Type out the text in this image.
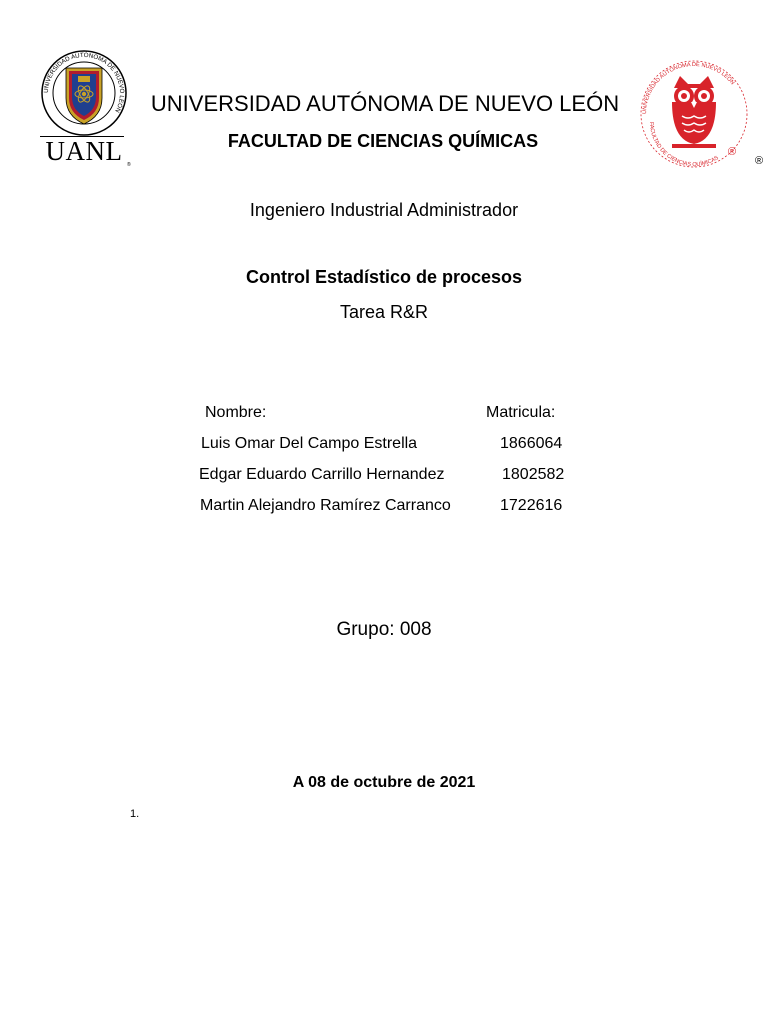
UNIVERSIDAD AUTÓNOMA DE NUEVO LEÓN
UANL ®
UNIVERSIDAD AUTÓNOMA DE NUEVO LEÓN
FACULTAD DE CIENCIAS QUÍMICAS
®
®
UNIVERSIDAD AUTÓNOMA DE NUEVO LEÓN
FACULTAD DE CIENCIAS QUÍMICAS
Ingeniero Industrial Administrador
Control Estadístico de procesos
Tarea R&R
Nombre:	Matricula:
Luis Omar Del Campo Estrella	1866064
Edgar Eduardo Carrillo Hernandez	1802582
Martin Alejandro Ramírez Carranco	1722616
Grupo: 008
A 08 de octubre de 2021
1.
